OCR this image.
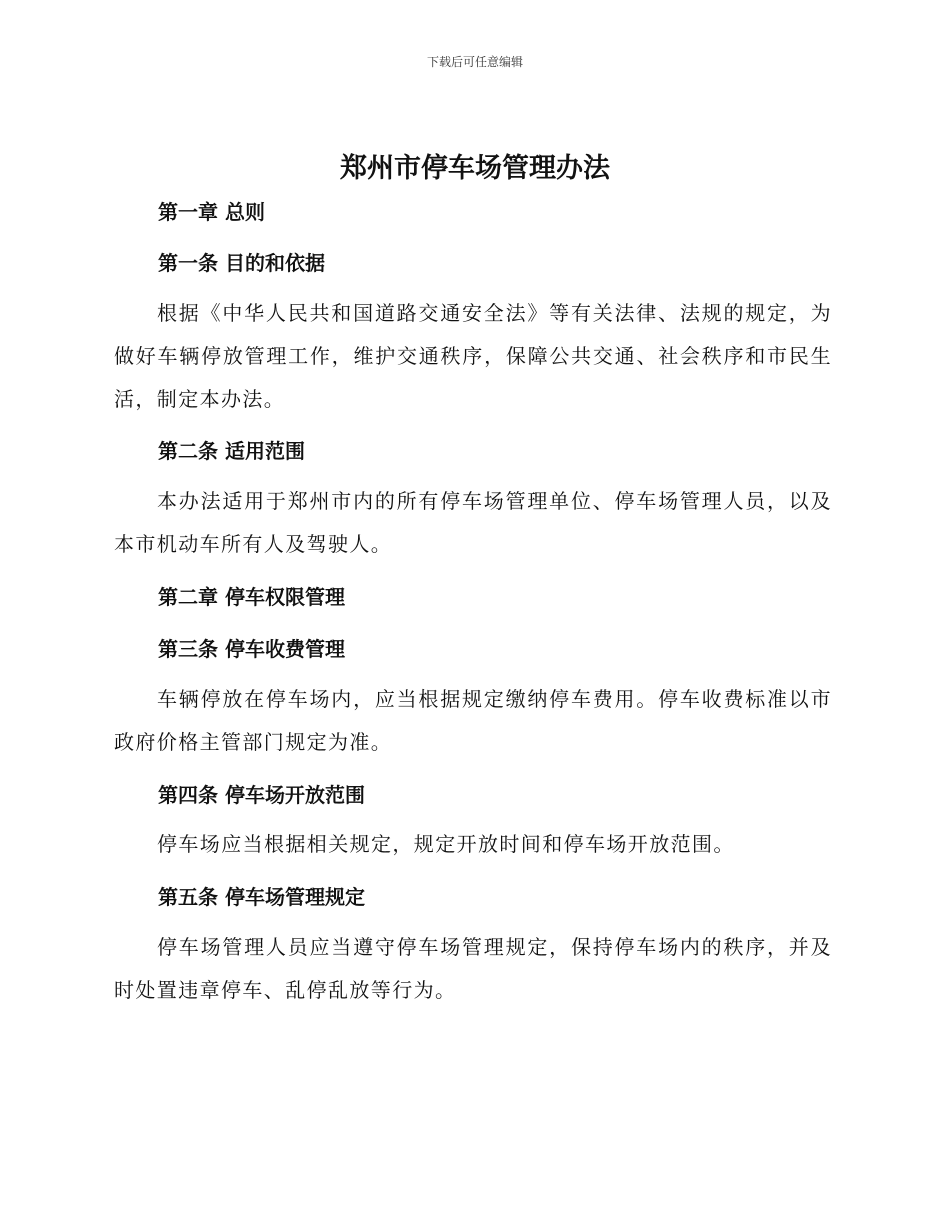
下载后可任意编辑
郑州市停车场管理办法
第一章 总则
第一条 目的和依据

根据《中华人民共和国道路交通安全法》等有关法律、法规的规定，为做好车辆停放管理工作，维护交通秩序，保障公共交通、社会秩序和市民生活，制定本办法。

第二条 适用范围

本办法适用于郑州市内的所有停车场管理单位、停车场管理人员，以及本市机动车所有人及驾驶人。

第二章 停车权限管理
第三条 停车收费管理

车辆停放在停车场内，应当根据规定缴纳停车费用。停车收费标准以市政府价格主管部门规定为准。

第四条 停车场开放范围

停车场应当根据相关规定，规定开放时间和停车场开放范围。

第五条 停车场管理规定

停车场管理人员应当遵守停车场管理规定，保持停车场内的秩序，并及时处置违章停车、乱停乱放等行为。
